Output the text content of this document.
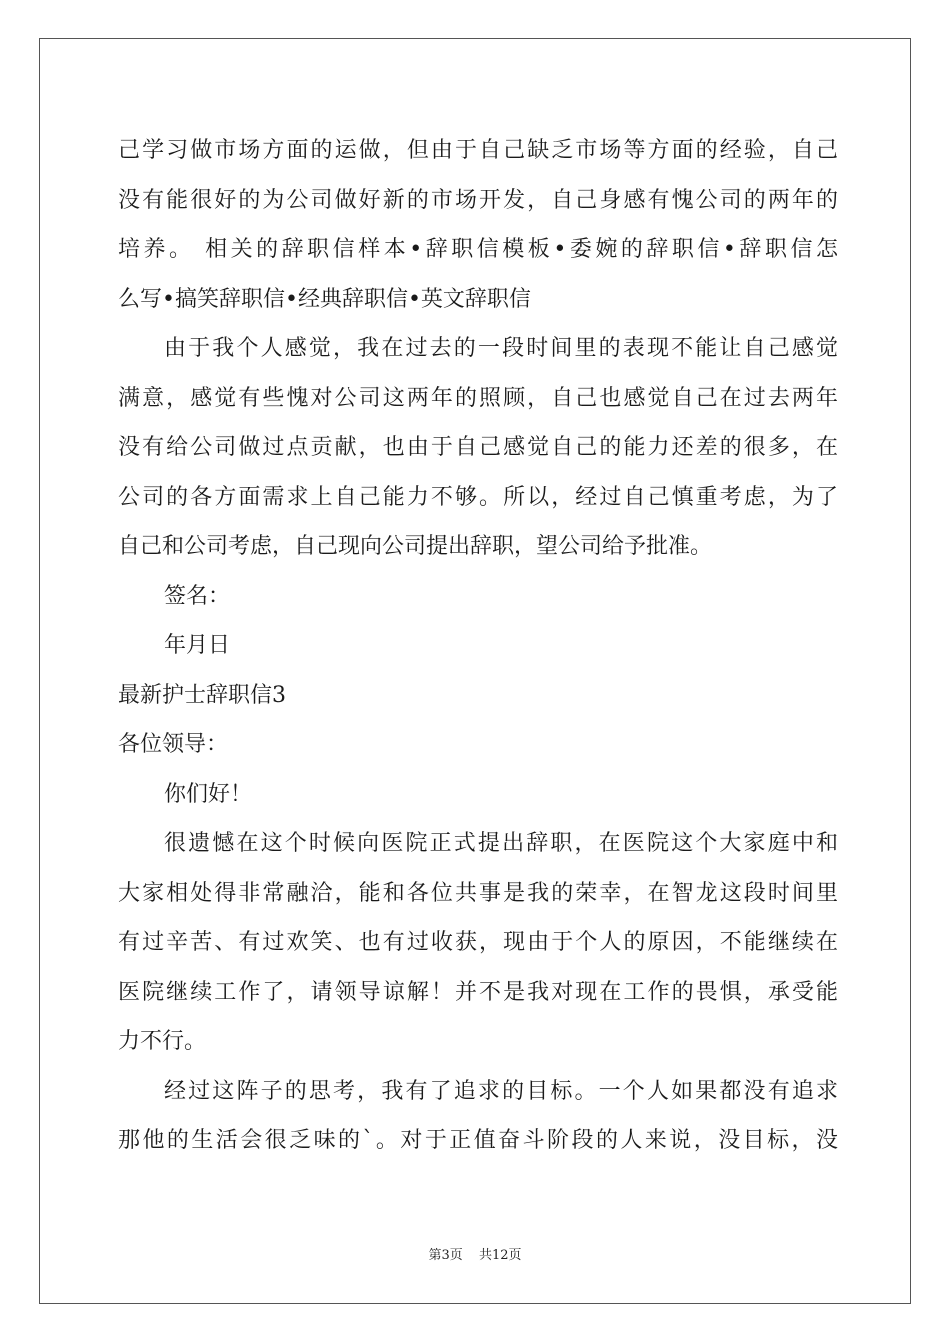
己学习做市场方面的运做，但由于自己缺乏市场等方面的经验，自己
没有能很好的为公司做好新的市场开发，自己身感有愧公司的两年的
培养。 相关的辞职信样本•辞职信模板•委婉的辞职信•辞职信怎
么写•搞笑辞职信•经典辞职信•英文辞职信
由于我个人感觉，我在过去的一段时间里的表现不能让自己感觉
满意，感觉有些愧对公司这两年的照顾，自己也感觉自己在过去两年
没有给公司做过点贡献，也由于自己感觉自己的能力还差的很多，在
公司的各方面需求上自己能力不够。所以，经过自己慎重考虑，为了
自己和公司考虑，自己现向公司提出辞职，望公司给予批准。
签名：
年月日
最新护士辞职信3
各位领导：
你们好！
很遗憾在这个时候向医院正式提出辞职，在医院这个大家庭中和
大家相处得非常融洽，能和各位共事是我的荣幸，在智龙这段时间里
有过辛苦、有过欢笑、也有过收获，现由于个人的原因，不能继续在
医院继续工作了，请领导谅解！并不是我对现在工作的畏惧，承受能
力不行。
经过这阵子的思考，我有了追求的目标。一个人如果都没有追求
那他的生活会很乏味的`。对于正值奋斗阶段的人来说，没目标，没
第3页 共12页
